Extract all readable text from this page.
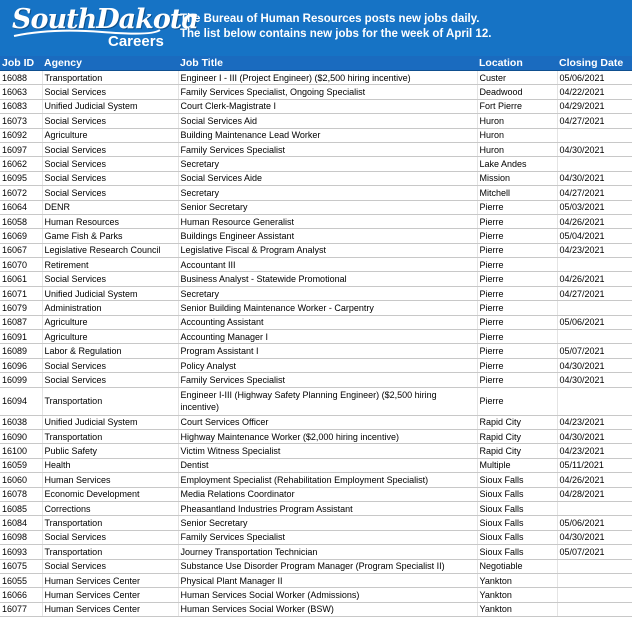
SouthDakota
Careers
The Bureau of Human Resources posts new jobs daily.
The list below contains new jobs for the week of April 12.
Job ID	Agency	Job Title	Location	Closing Date
16088	Transportation	Engineer I - III (Project Engineer) ($2,500 hiring incentive)	Custer	05/06/2021
16063	Social Services	Family Services Specialist, Ongoing Specialist	Deadwood	04/22/2021
16083	Unified Judicial System	Court Clerk-Magistrate I	Fort Pierre	04/29/2021
16073	Social Services	Social Services Aid	Huron	04/27/2021
16092	Agriculture	Building Maintenance Lead Worker	Huron	
16097	Social Services	Family Services Specialist	Huron	04/30/2021
16062	Social Services	Secretary	Lake Andes	
16095	Social Services	Social Services Aide	Mission	04/30/2021
16072	Social Services	Secretary	Mitchell	04/27/2021
16064	DENR	Senior Secretary	Pierre	05/03/2021
16058	Human Resources	Human Resource Generalist	Pierre	04/26/2021
16069	Game Fish & Parks	Buildings Engineer Assistant	Pierre	05/04/2021
16067	Legislative Research Council	Legislative Fiscal & Program Analyst	Pierre	04/23/2021
16070	Retirement	Accountant III	Pierre	
16061	Social Services	Business Analyst - Statewide Promotional	Pierre	04/26/2021
16071	Unified Judicial System	Secretary	Pierre	04/27/2021
16079	Administration	Senior Building Maintenance Worker - Carpentry	Pierre	
16087	Agriculture	Accounting Assistant	Pierre	05/06/2021
16091	Agriculture	Accounting Manager I	Pierre	
16089	Labor & Regulation	Program Assistant I	Pierre	05/07/2021
16096	Social Services	Policy Analyst	Pierre	04/30/2021
16099	Social Services	Family Services Specialist	Pierre	04/30/2021
16094	Transportation	Engineer I-III (Highway Safety Planning Engineer) ($2,500 hiring incentive)	Pierre	
16038	Unified Judicial System	Court Services Officer	Rapid City	04/23/2021
16090	Transportation	Highway Maintenance Worker ($2,000 hiring incentive)	Rapid City	04/30/2021
16100	Public Safety	Victim Witness Specialist	Rapid City	04/23/2021
16059	Health	Dentist	Multiple	05/11/2021
16060	Human Services	Employment Specialist (Rehabilitation Employment Specialist)	Sioux Falls	04/26/2021
16078	Economic Development	Media Relations Coordinator	Sioux Falls	04/28/2021
16085	Corrections	Pheasantland Industries Program Assistant	Sioux Falls	
16084	Transportation	Senior Secretary	Sioux Falls	05/06/2021
16098	Social Services	Family Services Specialist	Sioux Falls	04/30/2021
16093	Transportation	Journey Transportation Technician	Sioux Falls	05/07/2021
16075	Social Services	Substance Use Disorder Program Manager (Program Specialist II)	Negotiable	
16055	Human Services Center	Physical Plant Manager II	Yankton	
16066	Human Services Center	Human Services Social Worker (Admissions)	Yankton	
16077	Human Services Center	Human Services Social Worker (BSW)	Yankton	
